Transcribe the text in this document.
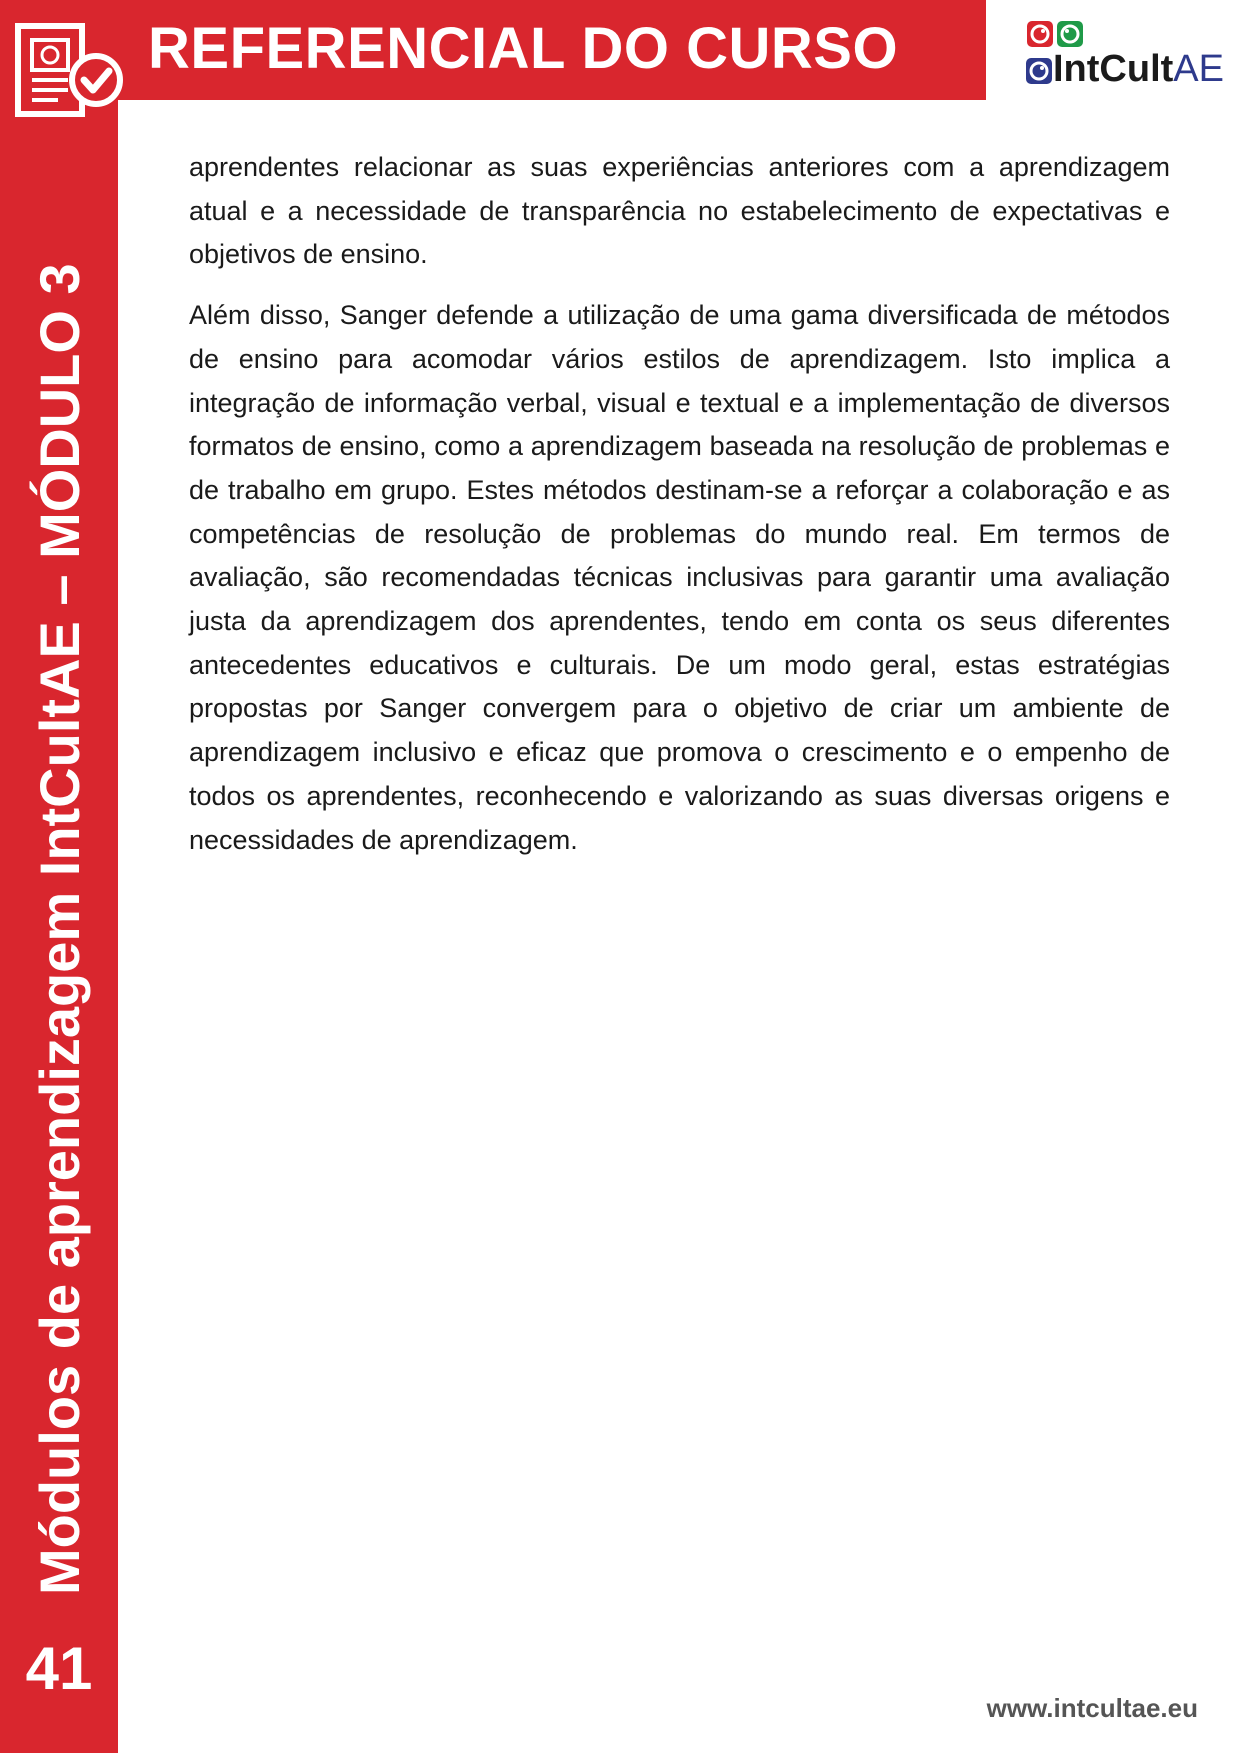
REFERENCIAL DO CURSO	IntCultAE
Módulos de aprendizagem IntCultAE – MÓDULO 3
41

aprendentes relacionar as suas experiências anteriores com a aprendizagem atual e a necessidade de transparência no estabelecimento de expectativas e objetivos de ensino.

Além disso, Sanger defende a utilização de uma gama diversificada de métodos de ensino para acomodar vários estilos de aprendizagem. Isto implica a integração de informação verbal, visual e textual e a implementação de diversos formatos de ensino, como a aprendizagem baseada na resolução de problemas e de trabalho em grupo. Estes métodos destinam-se a reforçar a colaboração e as competências de resolução de problemas do mundo real. Em termos de avaliação, são recomendadas técnicas inclusivas para garantir uma avaliação justa da aprendizagem dos aprendentes, tendo em conta os seus diferentes antecedentes educativos e culturais. De um modo geral, estas estratégias propostas por Sanger convergem para o objetivo de criar um ambiente de aprendizagem inclusivo e eficaz que promova o crescimento e o empenho de todos os aprendentes, reconhecendo e valorizando as suas diversas origens e necessidades de aprendizagem.

www.intcultae.eu
